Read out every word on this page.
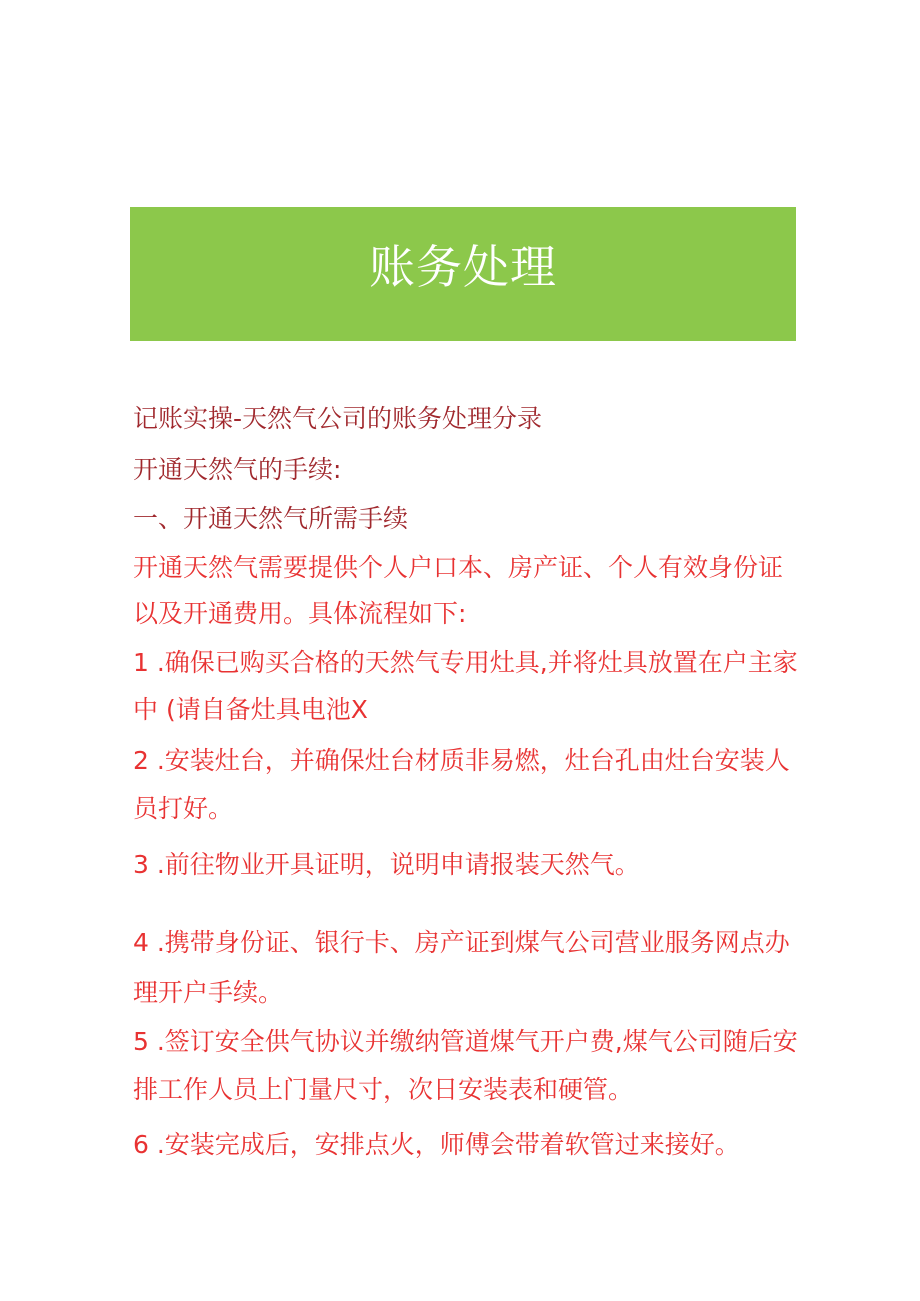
账务处理
记账实操-天然气公司的账务处理分录
开通天然气的手续:
一、开通天然气所需手续
开通天然气需要提供个人户口本、房产证、个人有效身份证
以及开通费用。具体流程如下:
1 .确保已购买合格的天然气专用灶具,并将灶具放置在户主家
中 (请自备灶具电池X
2 .安装灶台，并确保灶台材质非易燃，灶台孔由灶台安装人
员打好。
3 .前往物业开具证明，说明申请报装天然气。
4 .携带身份证、银行卡、房产证到煤气公司营业服务网点办
理开户手续。
5 .签订安全供气协议并缴纳管道煤气开户费,煤气公司随后安
排工作人员上门量尺寸，次日安装表和硬管。
6 .安装完成后，安排点火，师傅会带着软管过来接好。
